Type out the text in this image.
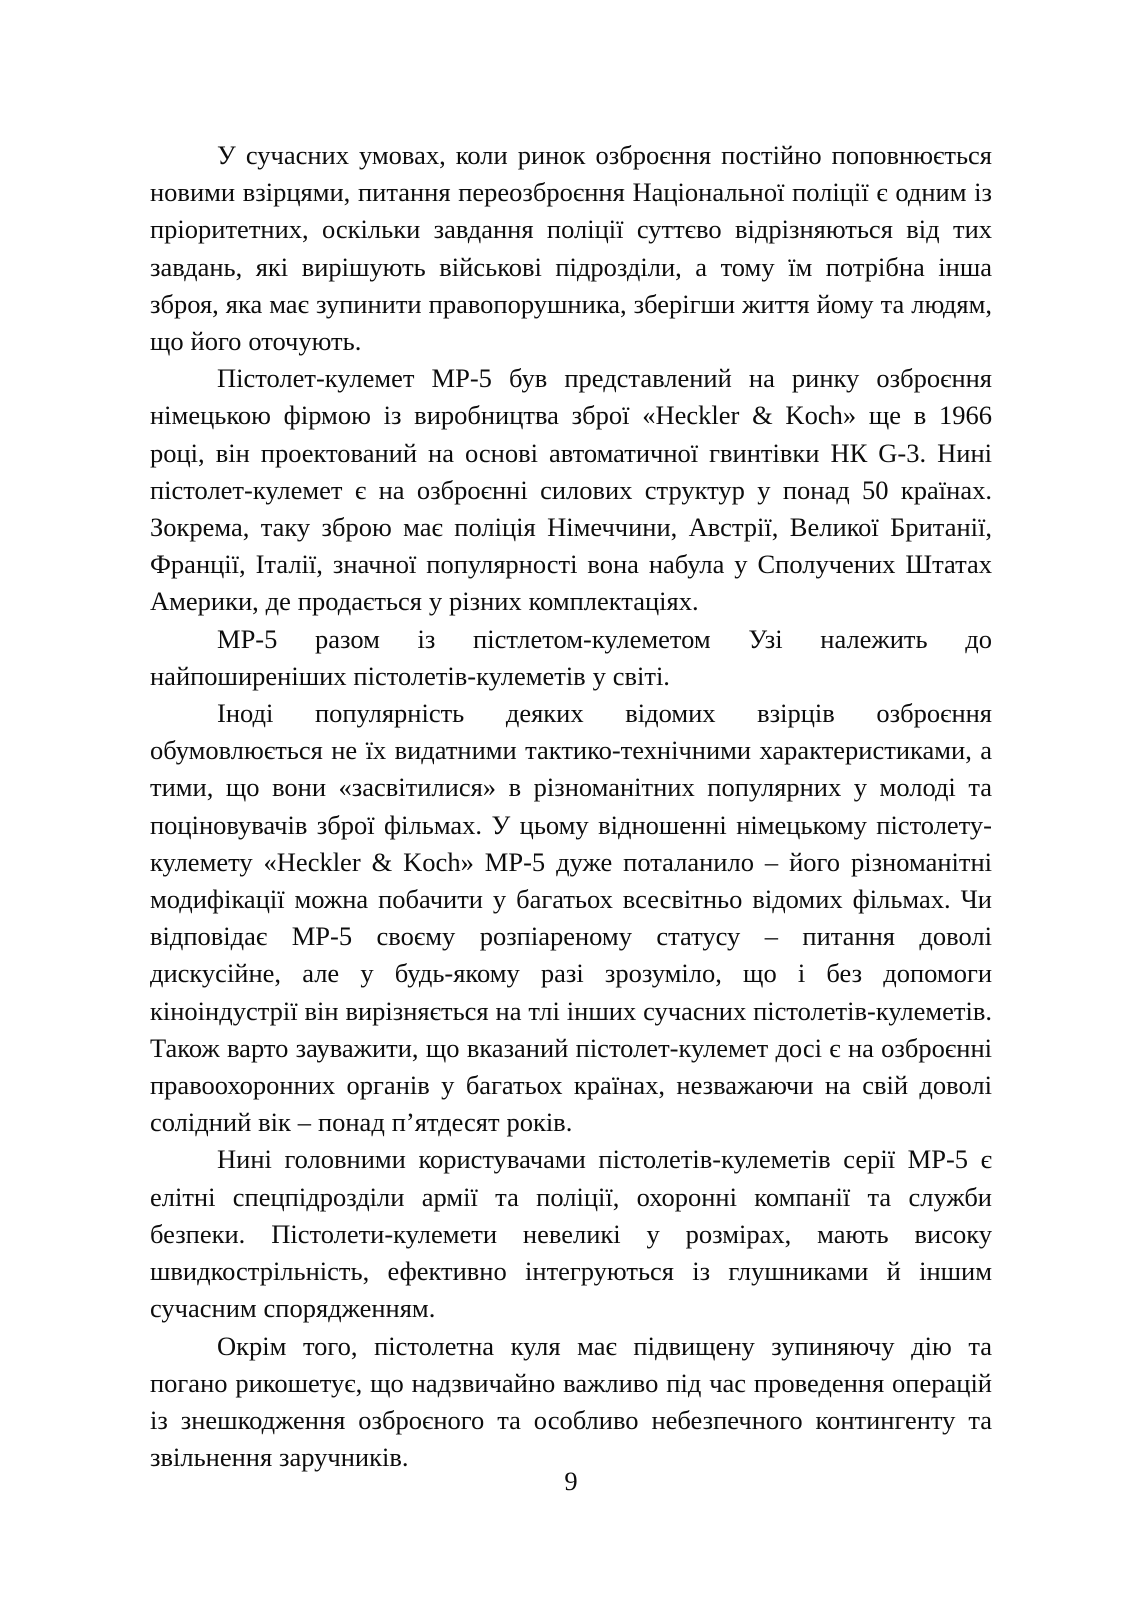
У сучасних умовах, коли ринок озброєння постійно поповнюється новими взірцями, питання переозброєння Національної поліції є одним із пріоритетних, оскільки завдання поліції суттєво відрізняються від тих завдань, які вирішують військові підрозділи, а тому їм потрібна інша зброя, яка має зупинити правопорушника, зберігши життя йому та людям, що його оточують.

Пістолет-кулемет МР-5 був представлений на ринку озброєння німецькою фірмою із виробництва зброї «Heckler & Koch» ще в 1966 році, він проектований на основі автоматичної гвинтівки НК G-3. Нині пістолет-кулемет є на озброєнні силових структур у понад 50 країнах. Зокрема, таку зброю має поліція Німеччини, Австрії, Великої Британії, Франції, Італії, значної популярності вона набула у Сполучених Штатах Америки, де продається у різних комплектаціях.

МР-5 разом із пістлетом-кулеметом Узі належить до найпоширеніших пістолетів-кулеметів у світі.

Іноді популярність деяких відомих взірців озброєння обумовлюється не їх видатними тактико-технічними характеристиками, а тими, що вони «засвітилися» в різноманітних популярних у молоді та поціновувачів зброї фільмах. У цьому відношенні німецькому пістолету-кулемету «Heckler & Koch» МР-5 дуже поталанило – його різноманітні модифікації можна побачити у багатьох всесвітньо відомих фільмах. Чи відповідає МР-5 своєму розпіареному статусу – питання доволі дискусійне, але у будь-якому разі зрозуміло, що і без допомоги кіноіндустрії він вирізняється на тлі інших сучасних пістолетів-кулеметів. Також варто зауважити, що вказаний пістолет-кулемет досі є на озброєнні правоохоронних органів у багатьох країнах, незважаючи на свій доволі солідний вік – понад п’ятдесят років.

Нині головними користувачами пістолетів-кулеметів серії МР-5 є елітні спецпідрозділи армії та поліції, охоронні компанії та служби безпеки. Пістолети-кулемети невеликі у розмірах, мають високу швидкострільність, ефективно інтегруються із глушниками й іншим сучасним спорядженням.

Окрім того, пістолетна куля має підвищену зупиняючу дію та погано рикошетує, що надзвичайно важливо під час проведення операцій із знешкодження озброєного та особливо небезпечного контингенту та звільнення заручників.

9
